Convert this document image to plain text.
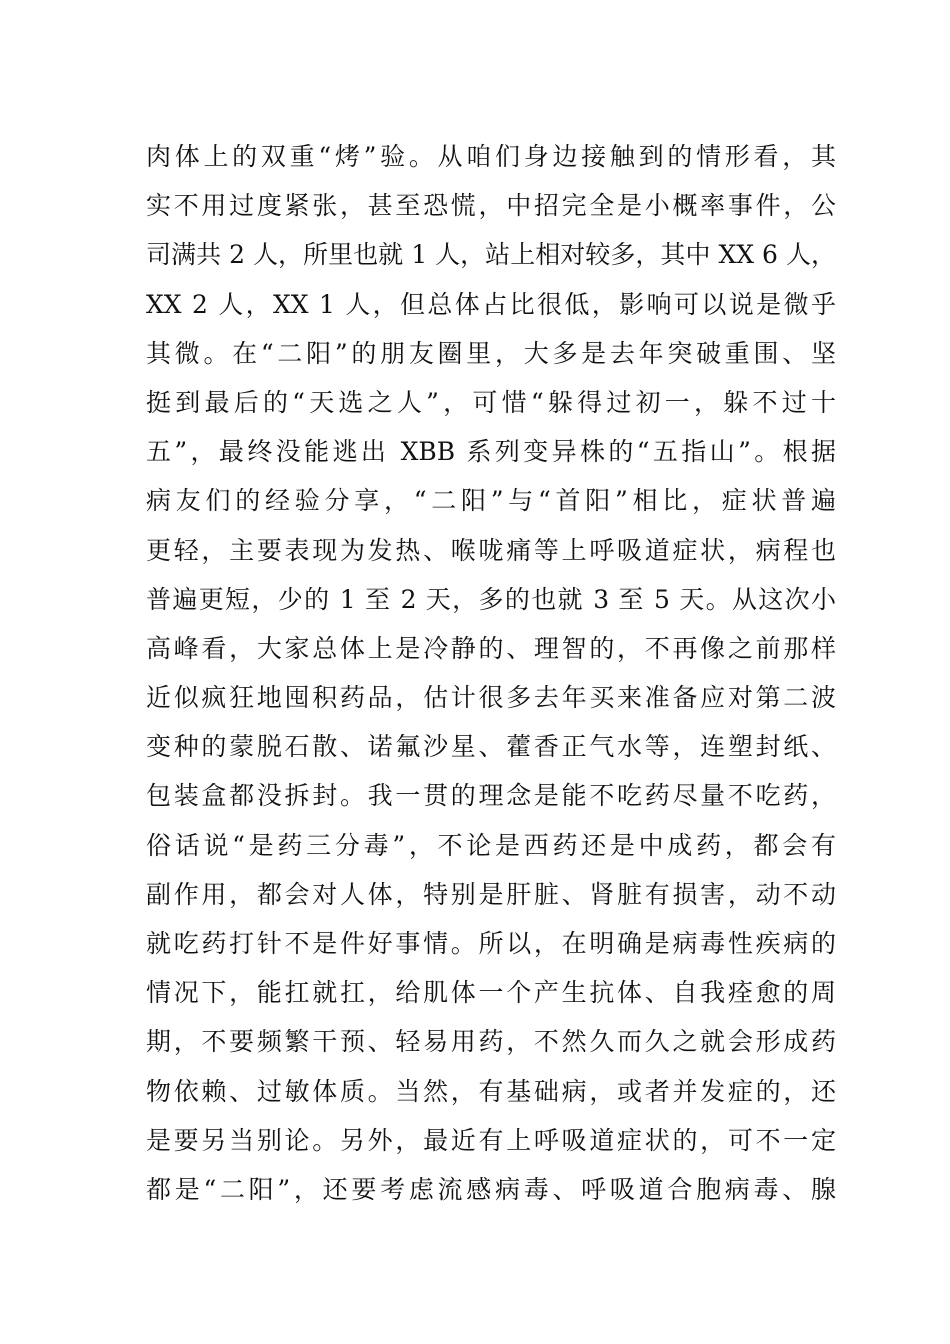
肉体上的双重“烤”验。从咱们身边接触到的情形看，其
实不用过度紧张，甚至恐慌，中招完全是小概率事件，公
司满共 2 人，所里也就 1 人，站上相对较多，其中 XX 6 人，
XX 2 人，XX 1 人，但总体占比很低，影响可以说是微乎
其微。在“二阳”的朋友圈里，大多是去年突破重围、坚
挺到最后的“天选之人”，可惜“躲得过初一，躲不过十
五”，最终没能逃出 XBB 系列变异株的“五指山”。根据
病友们的经验分享，“二阳”与“首阳”相比，症状普遍
更轻，主要表现为发热、喉咙痛等上呼吸道症状，病程也
普遍更短，少的 1 至 2 天，多的也就 3 至 5 天。从这次小
高峰看，大家总体上是冷静的、理智的，不再像之前那样
近似疯狂地囤积药品，估计很多去年买来准备应对第二波
变种的蒙脱石散、诺氟沙星、藿香正气水等，连塑封纸、
包装盒都没拆封。我一贯的理念是能不吃药尽量不吃药，
俗话说“是药三分毒”，不论是西药还是中成药，都会有
副作用，都会对人体，特别是肝脏、肾脏有损害，动不动
就吃药打针不是件好事情。所以，在明确是病毒性疾病的
情况下，能扛就扛，给肌体一个产生抗体、自我痊愈的周
期，不要频繁干预、轻易用药，不然久而久之就会形成药
物依赖、过敏体质。当然，有基础病，或者并发症的，还
是要另当别论。另外，最近有上呼吸道症状的，可不一定
都是“二阳”，还要考虑流感病毒、呼吸道合胞病毒、腺
